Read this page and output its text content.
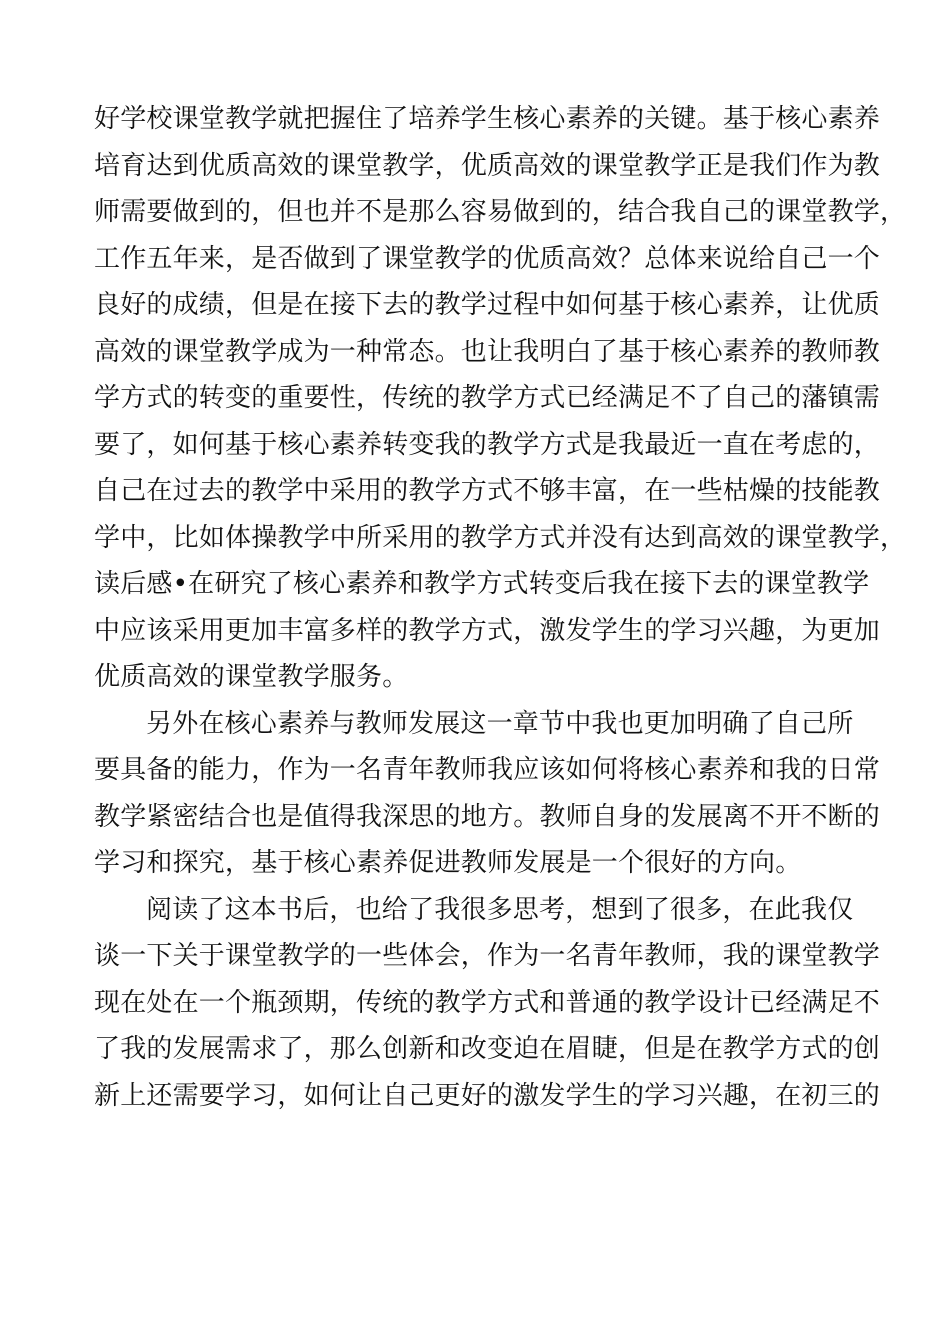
好学校课堂教学就把握住了培养学生核心素养的关键。基于核心素养
培育达到优质高效的课堂教学，优质高效的课堂教学正是我们作为教
师需要做到的，但也并不是那么容易做到的，结合我自己的课堂教学，
工作五年来，是否做到了课堂教学的优质高效？总体来说给自己一个
良好的成绩，但是在接下去的教学过程中如何基于核心素养，让优质
高效的课堂教学成为一种常态。也让我明白了基于核心素养的教师教
学方式的转变的重要性，传统的教学方式已经满足不了自己的藩镇需
要了，如何基于核心素养转变我的教学方式是我最近一直在考虑的，
自己在过去的教学中采用的教学方式不够丰富，在一些枯燥的技能教
学中，比如体操教学中所采用的教学方式并没有达到高效的课堂教学，
读后感•在研究了核心素养和教学方式转变后我在接下去的课堂教学
中应该采用更加丰富多样的教学方式，激发学生的学习兴趣，为更加
优质高效的课堂教学服务。
另外在核心素养与教师发展这一章节中我也更加明确了自己所
要具备的能力，作为一名青年教师我应该如何将核心素养和我的日常
教学紧密结合也是值得我深思的地方。教师自身的发展离不开不断的
学习和探究，基于核心素养促进教师发展是一个很好的方向。
阅读了这本书后，也给了我很多思考，想到了很多，在此我仅
谈一下关于课堂教学的一些体会，作为一名青年教师，我的课堂教学
现在处在一个瓶颈期，传统的教学方式和普通的教学设计已经满足不
了我的发展需求了，那么创新和改变迫在眉睫，但是在教学方式的创
新上还需要学习，如何让自己更好的激发学生的学习兴趣，在初三的
